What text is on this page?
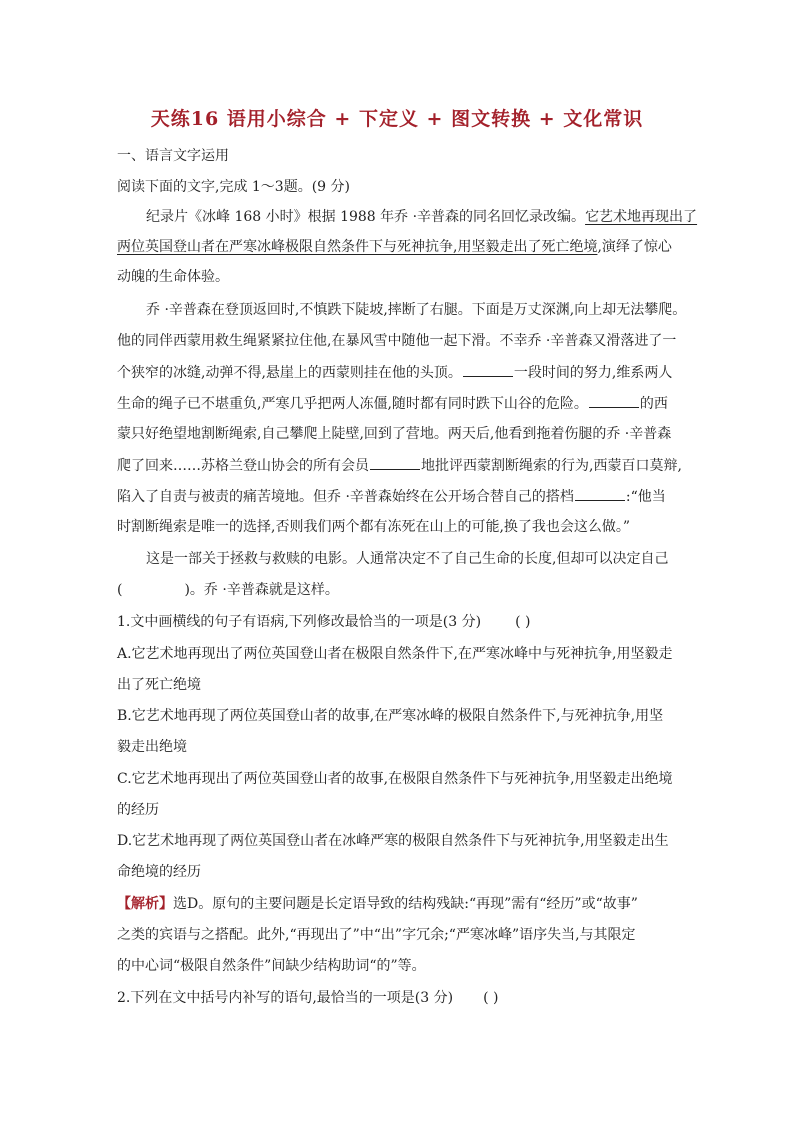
天练16 语用小综合 + 下定义 + 图文转换 + 文化常识
一、语言文字运用
阅读下面的文字,完成 1～3题。(9 分)
纪录片《冰峰 168 小时》根据 1988 年乔 ·辛普森的同名回忆录改编。它艺术地再现出了
两位英国登山者在严寒冰峰极限自然条件下与死神抗争,用坚毅走出了死亡绝境,演绎了惊心
动魄的生命体验。
乔 ·辛普森在登顶返回时,不慎跌下陡坡,摔断了右腿。下面是万丈深渊,向上却无法攀爬。
他的同伴西蒙用救生绳紧紧拉住他,在暴风雪中随他一起下滑。不幸乔 ·辛普森又滑落进了一
个狭窄的冰缝,动弹不得,悬崖上的西蒙则挂在他的头顶。	一段时间的努力,维系两人
生命的绳子已不堪重负,严寒几乎把两人冻僵,随时都有同时跌下山谷的危险。	的西
蒙只好绝望地割断绳索,自己攀爬上陡壁,回到了营地。两天后,他看到拖着伤腿的乔 ·辛普森
爬了回来……苏格兰登山协会的所有会员	地批评西蒙割断绳索的行为,西蒙百口莫辩,
陷入了自责与被责的痛苦境地。但乔 ·辛普森始终在公开场合替自己的搭档	:“他当
时割断绳索是唯一的选择,否则我们两个都有冻死在山上的可能,换了我也会这么做。”
这是一部关于拯救与救赎的电影。人通常决定不了自己生命的长度,但却可以决定自己
(	)。乔 ·辛普森就是这样。
1.文中画横线的句子有语病,下列修改最恰当的一项是(3 分) ( )
A.它艺术地再现出了两位英国登山者在极限自然条件下,在严寒冰峰中与死神抗争,用坚毅走
出了死亡绝境
B.它艺术地再现了两位英国登山者的故事,在严寒冰峰的极限自然条件下,与死神抗争,用坚
毅走出绝境
C.它艺术地再现出了两位英国登山者的故事,在极限自然条件下与死神抗争,用坚毅走出绝境
的经历
D.它艺术地再现了两位英国登山者在冰峰严寒的极限自然条件下与死神抗争,用坚毅走出生
命绝境的经历
【解析】选D。原句的主要问题是长定语导致的结构残缺:“再现”需有“经历”或“故事”
之类的宾语与之搭配。此外,“再现出了”中“出”字冗余;“严寒冰峰”语序失当,与其限定
的中心词“极限自然条件”间缺少结构助词“的”等。
2.下列在文中括号内补写的语句,最恰当的一项是(3 分) ( )
